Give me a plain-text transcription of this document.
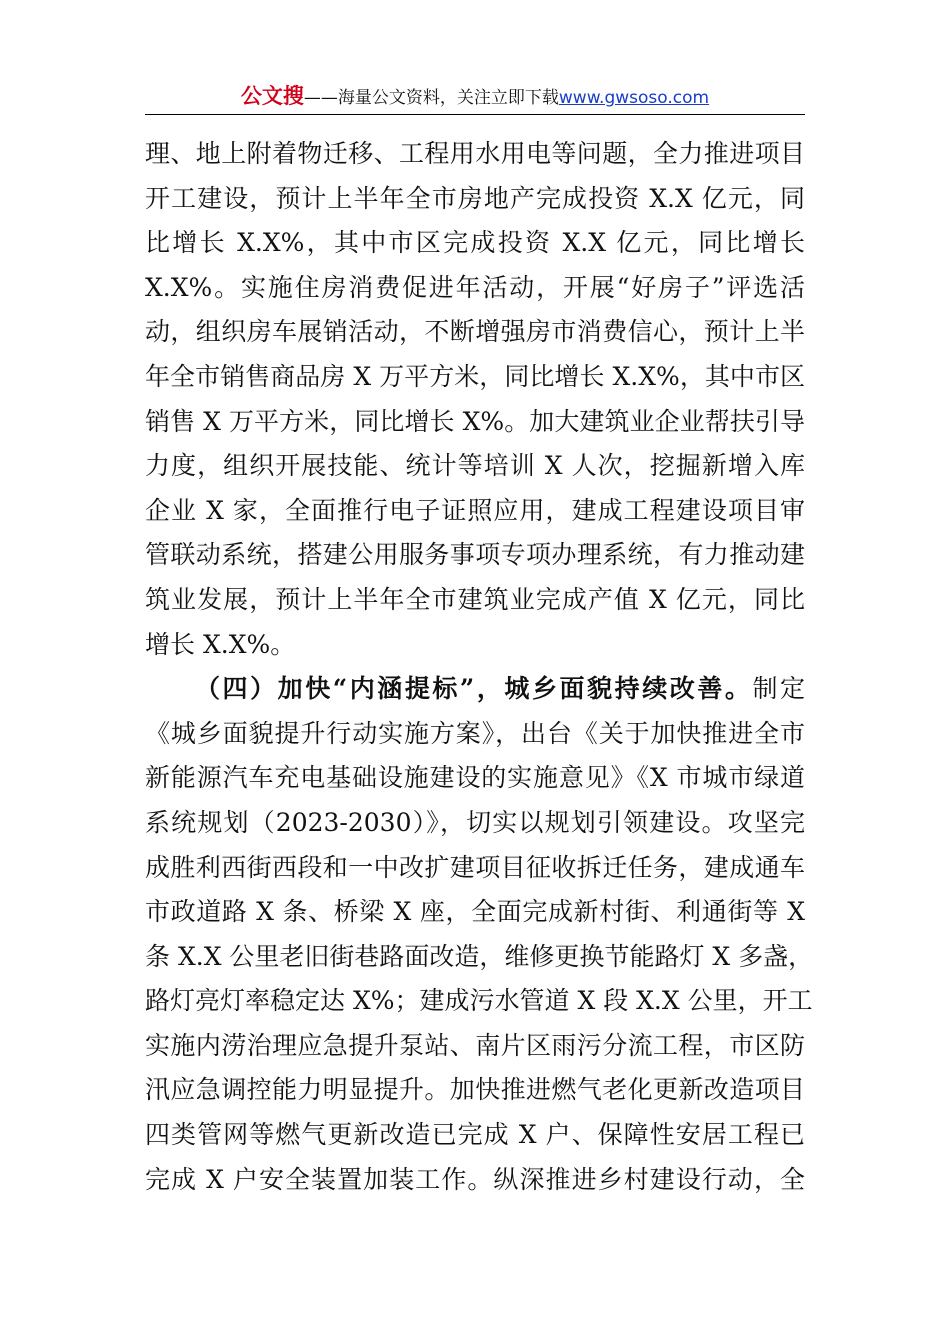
公文搜——海量公文资料，关注立即下载www.gwsoso.com
理、地上附着物迁移、工程用水用电等问题，全力推进项目
开工建设，预计上半年全市房地产完成投资 X.X 亿元，同
比增长 X.X%，其中市区完成投资 X.X 亿元，同比增长
X.X%。实施住房消费促进年活动，开展“好房子”评选活
动，组织房车展销活动，不断增强房市消费信心，预计上半
年全市销售商品房 X 万平方米，同比增长 X.X%，其中市区
销售 X 万平方米，同比增长 X%。加大建筑业企业帮扶引导
力度，组织开展技能、统计等培训 X 人次，挖掘新增入库
企业 X 家，全面推行电子证照应用，建成工程建设项目审
管联动系统，搭建公用服务事项专项办理系统，有力推动建
筑业发展，预计上半年全市建筑业完成产值 X 亿元，同比
增长 X.X%。
（四）加快“内涵提标”，城乡面貌持续改善。制定
《城乡面貌提升行动实施方案》，出台《关于加快推进全市
新能源汽车充电基础设施建设的实施意见》《X 市城市绿道
系统规划（2023-2030）》，切实以规划引领建设。攻坚完
成胜利西街西段和一中改扩建项目征收拆迁任务，建成通车
市政道路 X 条、桥梁 X 座，全面完成新村街、利通街等 X
条 X.X 公里老旧街巷路面改造，维修更换节能路灯 X 多盏，
路灯亮灯率稳定达 X%；建成污水管道 X 段 X.X 公里，开工
实施内涝治理应急提升泵站、南片区雨污分流工程，市区防
汛应急调控能力明显提升。加快推进燃气老化更新改造项目
四类管网等燃气更新改造已完成 X 户、保障性安居工程已
完成 X 户安全装置加装工作。纵深推进乡村建设行动，全
